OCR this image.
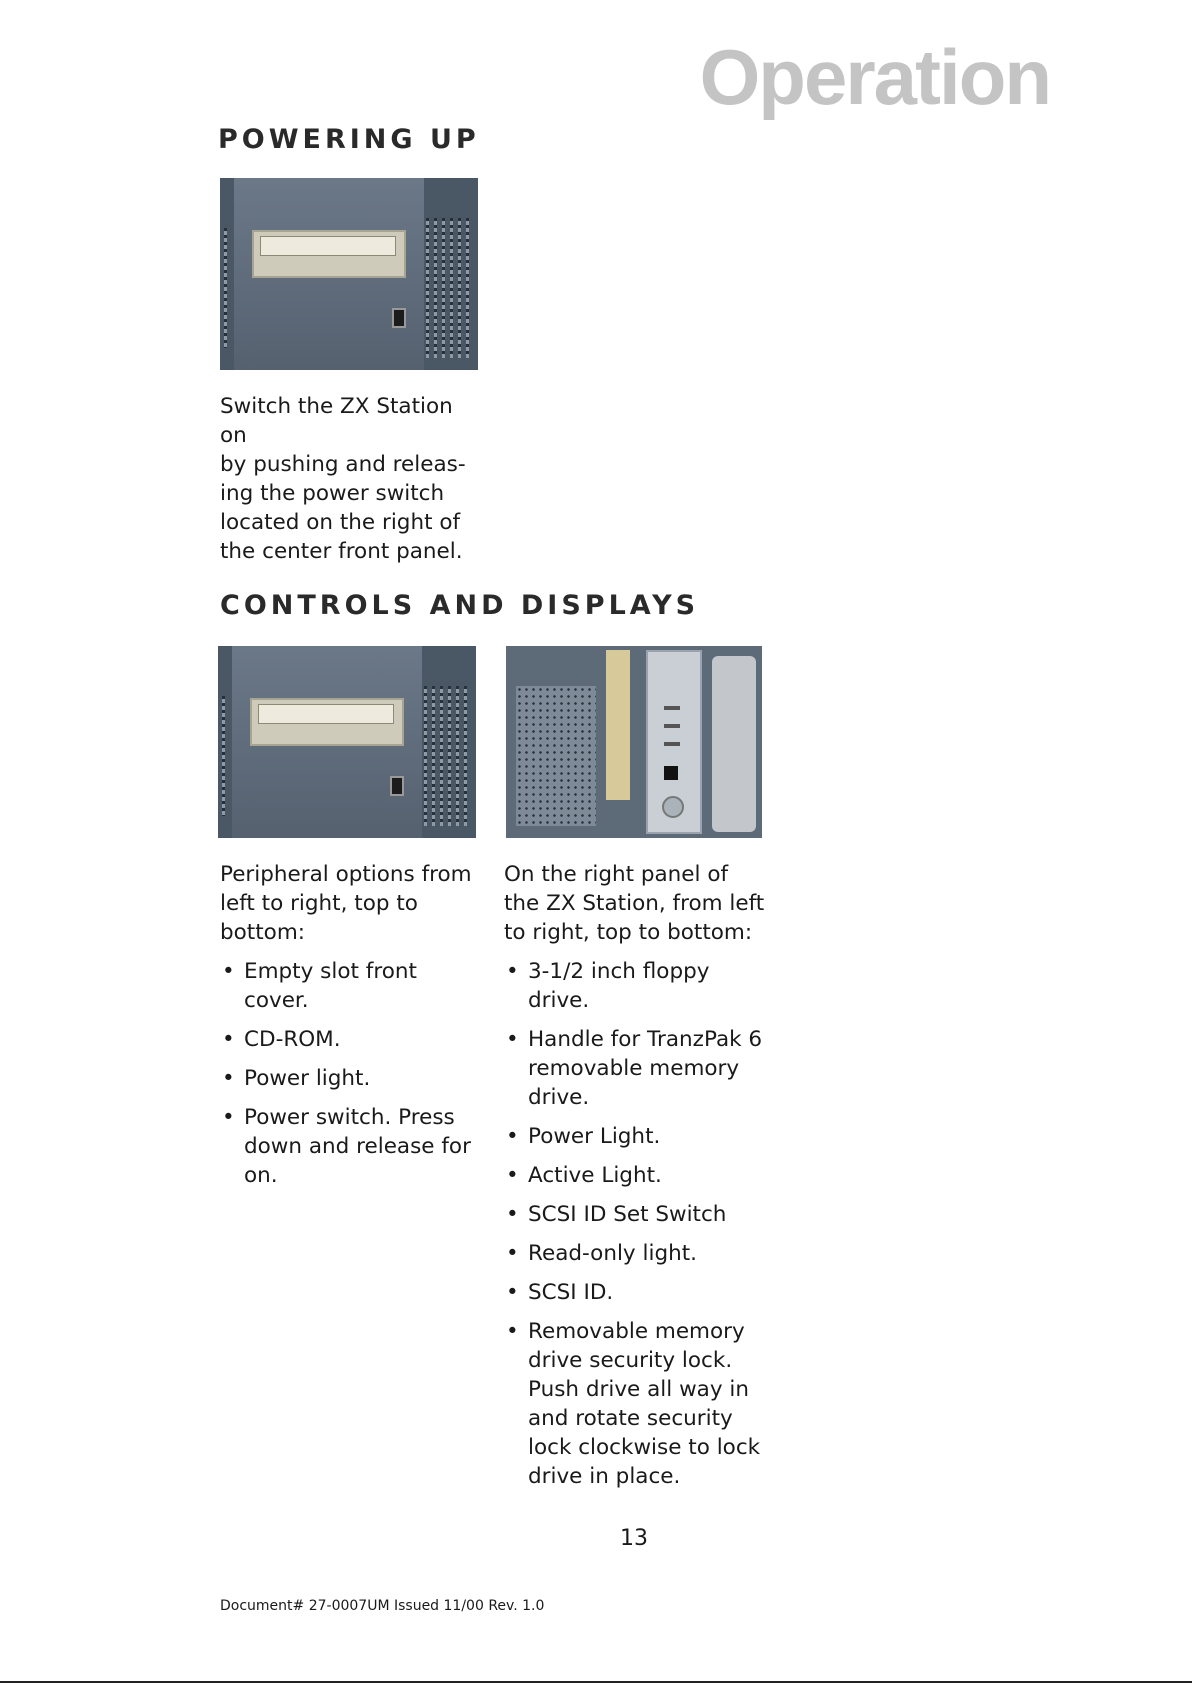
Operation
POWERING UP
Switch the ZX Station on
by pushing and releas-
ing the power switch
located on the right of
the center front panel.
CONTROLS AND DISPLAYS
Peripheral options from
left to right, top to
bottom:
• Empty slot front cover.
• CD-ROM.
• Power light.
• Power switch. Press down and release for on.
On the right panel of
the ZX Station, from left
to right, top to bottom:
• 3-1/2 inch floppy drive.
• Handle for TranzPak 6 removable memory drive.
• Power Light.
• Active Light.
• SCSI ID Set Switch
• Read-only light.
• SCSI ID.
• Removable memory drive security lock. Push drive all way in and rotate security lock clockwise to lock drive in place.
13
Document# 27-0007UM Issued 11/00 Rev. 1.0
